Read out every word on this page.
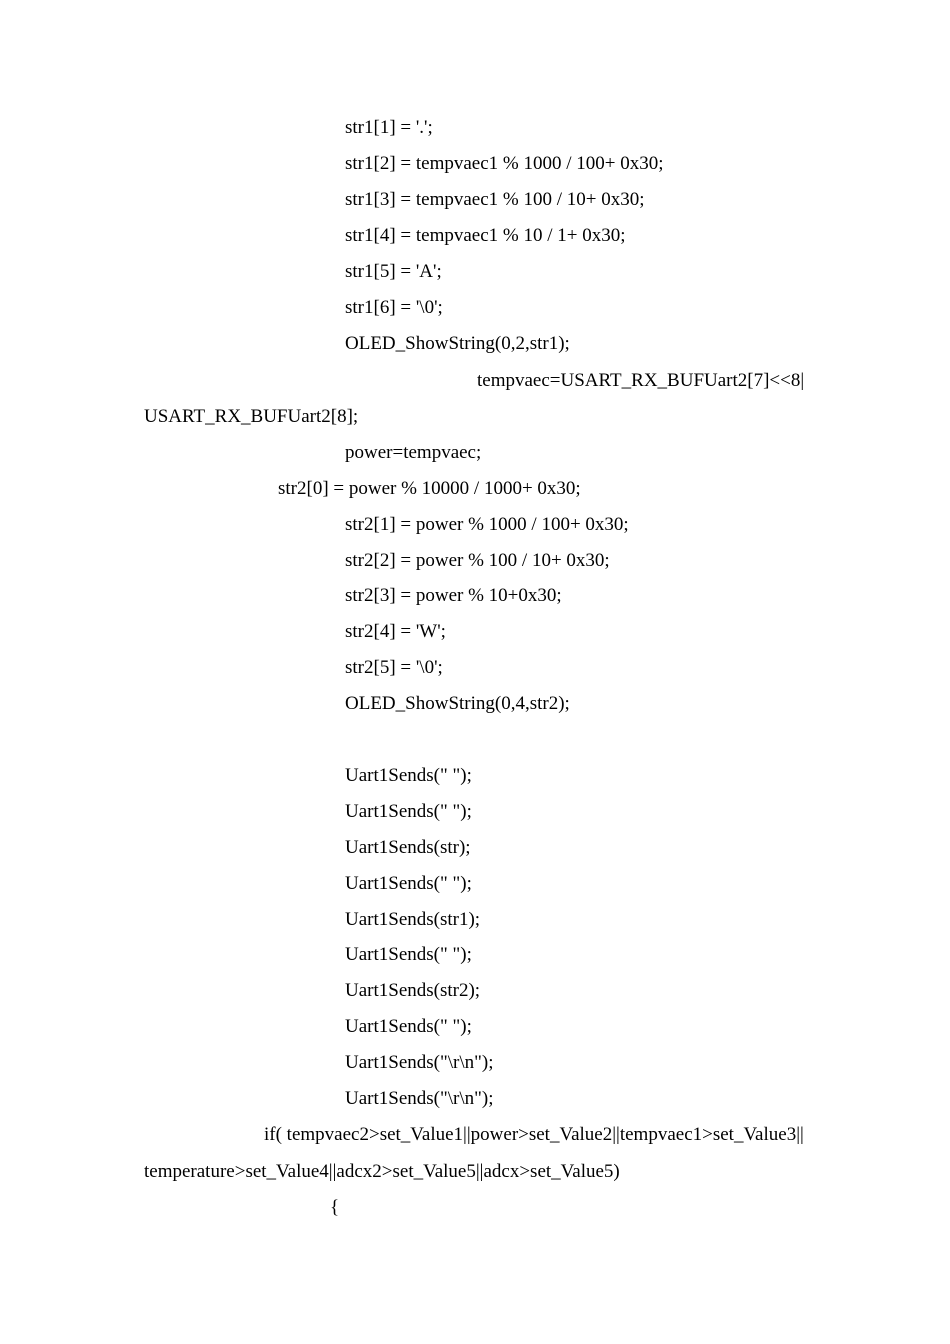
str1[1] = '.';
str1[2] = tempvaec1 % 1000 / 100+ 0x30;
str1[3] = tempvaec1 % 100 / 10+ 0x30;
str1[4] = tempvaec1 % 10 / 1+ 0x30;
str1[5] = 'A';
str1[6] = '\0';
OLED_ShowString(0,2,str1);
tempvaec=USART_RX_BUFUart2[7]<<8|
USART_RX_BUFUart2[8];
power=tempvaec;
str2[0] = power % 10000 / 1000+ 0x30;
str2[1] = power % 1000 / 100+ 0x30;
str2[2] = power % 100 / 10+ 0x30;
str2[3] = power % 10+0x30;
str2[4] = 'W';
str2[5] = '\0';
OLED_ShowString(0,4,str2);
Uart1Sends(" ");
Uart1Sends(" ");
Uart1Sends(str);
Uart1Sends(" ");
Uart1Sends(str1);
Uart1Sends(" ");
Uart1Sends(str2);
Uart1Sends(" ");
Uart1Sends("\r\n");
Uart1Sends("\r\n");
if( tempvaec2>set_Value1||power>set_Value2||tempvaec1>set_Value3||
temperature>set_Value4||adcx2>set_Value5||adcx>set_Value5)
{
